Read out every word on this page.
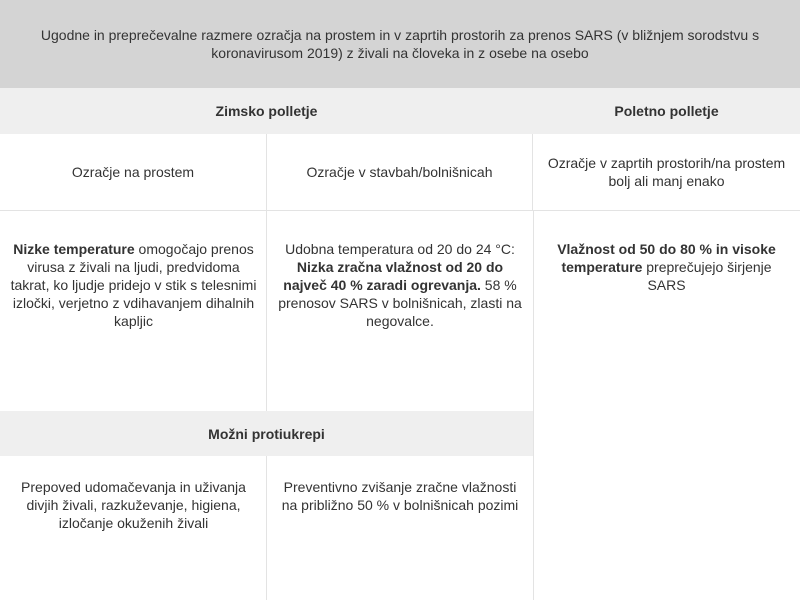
Ugodne in preprečevalne razmere ozračja na prostem in v zaprtih prostorih za prenos SARS (v bližnjem sorodstvu s koronavirusom 2019) z živali na človeka in z osebe na osebo
Zimsko polletje	Poletno polletje
Ozračje na prostem	Ozračje v stavbah/bolnišnicah
Ozračje v zaprtih prostorih/na prostem bolj ali manj enako
Nizke temperature omogočajo prenos virusa z živali na ljudi, predvidoma takrat, ko ljudje pridejo v stik s telesnimi izločki, verjetno z vdihavanjem dihalnih kapljic
Udobna temperatura od 20 do 24 °C: Nizka zračna vlažnost od 20 do največ 40 % zaradi ogrevanja. 58 % prenosov SARS v bolnišnicah, zlasti na negovalce.
Vlažnost od 50 do 80 % in visoke temperature preprečujejo širjenje SARS
Možni protiukrepi
Prepoved udomačevanja in uživanja divjih živali, razkuževanje, higiena, izločanje okuženih živali
Preventivno zvišanje zračne vlažnosti na približno 50 % v bolnišnicah pozimi
